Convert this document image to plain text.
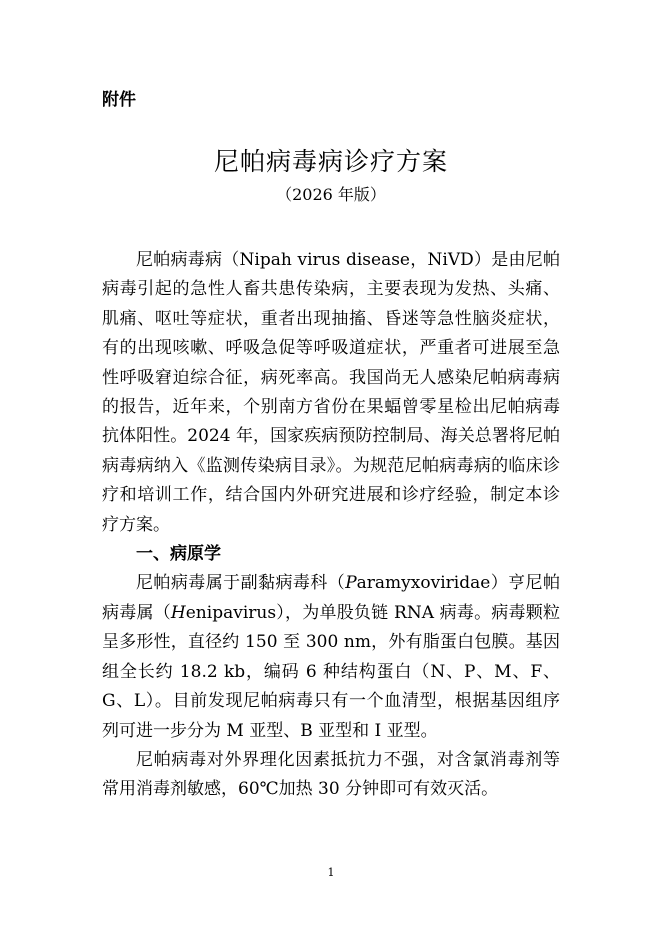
附件
尼帕病毒病诊疗方案
（2026 年版）

尼帕病毒病（Nipah virus disease，NiVD）是由尼帕病毒引起的急性人畜共患传染病，主要表现为发热、头痛、肌痛、呕吐等症状，重者出现抽搐、昏迷等急性脑炎症状，有的出现咳嗽、呼吸急促等呼吸道症状，严重者可进展至急性呼吸窘迫综合征，病死率高。我国尚无人感染尼帕病毒病的报告，近年来，个别南方省份在果蝠曾零星检出尼帕病毒抗体阳性。2024 年，国家疾病预防控制局、海关总署将尼帕病毒病纳入《监测传染病目录》。为规范尼帕病毒病的临床诊疗和培训工作，结合国内外研究进展和诊疗经验，制定本诊疗方案。

一、病原学

尼帕病毒属于副黏病毒科（Paramyxoviridae）亨尼帕病毒属（Henipavirus），为单股负链 RNA 病毒。病毒颗粒呈多形性，直径约 150 至 300 nm，外有脂蛋白包膜。基因组全长约 18.2 kb，编码 6 种结构蛋白（N、P、M、F、G、L）。目前发现尼帕病毒只有一个血清型，根据基因组序列可进一步分为 M 亚型、B 亚型和 I 亚型。

尼帕病毒对外界理化因素抵抗力不强，对含氯消毒剂等常用消毒剂敏感，60℃加热 30 分钟即可有效灭活。

1
